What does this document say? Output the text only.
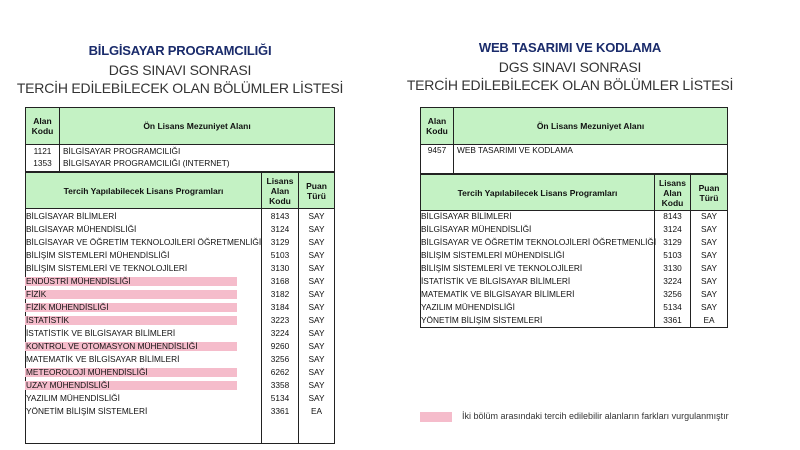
BİLGİSAYAR PROGRAMCILIĞI
DGS SINAVI SONRASI
TERCİH EDİLEBİLECEK OLAN BÖLÜMLER LİSTESİ
Alan
Kodu	Ön Lisans Mezuniyet Alanı
1121	BİLGİSAYAR PROGRAMCILIĞI
1353	BİLGİSAYAR PROGRAMCILIĞI (INTERNET)
Tercih Yapılabilecek Lisans Programları
Lisans
Alan
Kodu
Puan
Türü
BİLGİSAYAR BİLİMLERİ	8143	SAY
BİLGİSAYAR MÜHENDİSLİĞİ	3124	SAY
BİLGİSAYAR VE ÖĞRETİM TEKNOLOJİLERİ ÖĞRETMENLİĞİ	3129	SAY
BİLİŞİM SİSTEMLERİ MÜHENDİSLİĞİ	5103	SAY
BİLİŞİM SİSTEMLERİ VE TEKNOLOJİLERİ	3130	SAY
ENDÜSTRİ MÜHENDİSLİĞİ	3168	SAY
FİZİK	3182	SAY
FİZİK MÜHENDİSLİĞİ	3184	SAY
İSTATİSTİK	3223	SAY
İSTATİSTİK VE BİLGİSAYAR BİLİMLERİ	3224	SAY
KONTROL VE OTOMASYON MÜHENDİSLİĞİ	9260	SAY
MATEMATİK VE BİLGİSAYAR BİLİMLERİ	3256	SAY
METEOROLOJİ MÜHENDİSLİĞİ	6262	SAY
UZAY MÜHENDİSLİĞİ	3358	SAY
YAZILIM MÜHENDİSLİĞİ	5134	SAY
YÖNETİM BİLİŞİM SİSTEMLERİ	3361	EA
WEB TASARIMI VE KODLAMA
DGS SINAVI SONRASI
TERCİH EDİLEBİLECEK OLAN BÖLÜMLER LİSTESİ
Alan
Kodu	Ön Lisans Mezuniyet Alanı
9457	WEB TASARIMI VE KODLAMA
Tercih Yapılabilecek Lisans Programları
Lisans
Alan
Kodu
Puan
Türü
BİLGİSAYAR BİLİMLERİ	8143	SAY
BİLGİSAYAR MÜHENDİSLİĞİ	3124	SAY
BİLGİSAYAR VE ÖĞRETİM TEKNOLOJİLERİ ÖĞRETMENLİĞİ 3129	SAY
BİLİŞİM SİSTEMLERİ MÜHENDİSLİĞİ	5103	SAY
BİLİŞİM SİSTEMLERİ VE TEKNOLOJİLERİ	3130	SAY
İSTATİSTİK VE BİLGİSAYAR BİLİMLERİ	3224	SAY
MATEMATİK VE BİLGİSAYAR BİLİMLERİ	3256	SAY
YAZILIM MÜHENDİSLİĞİ	5134	SAY
YÖNETİM BİLİŞİM SİSTEMLERİ	3361	EA
İki bölüm arasındaki tercih edilebilir alanların farkları vurgulanmıştır
